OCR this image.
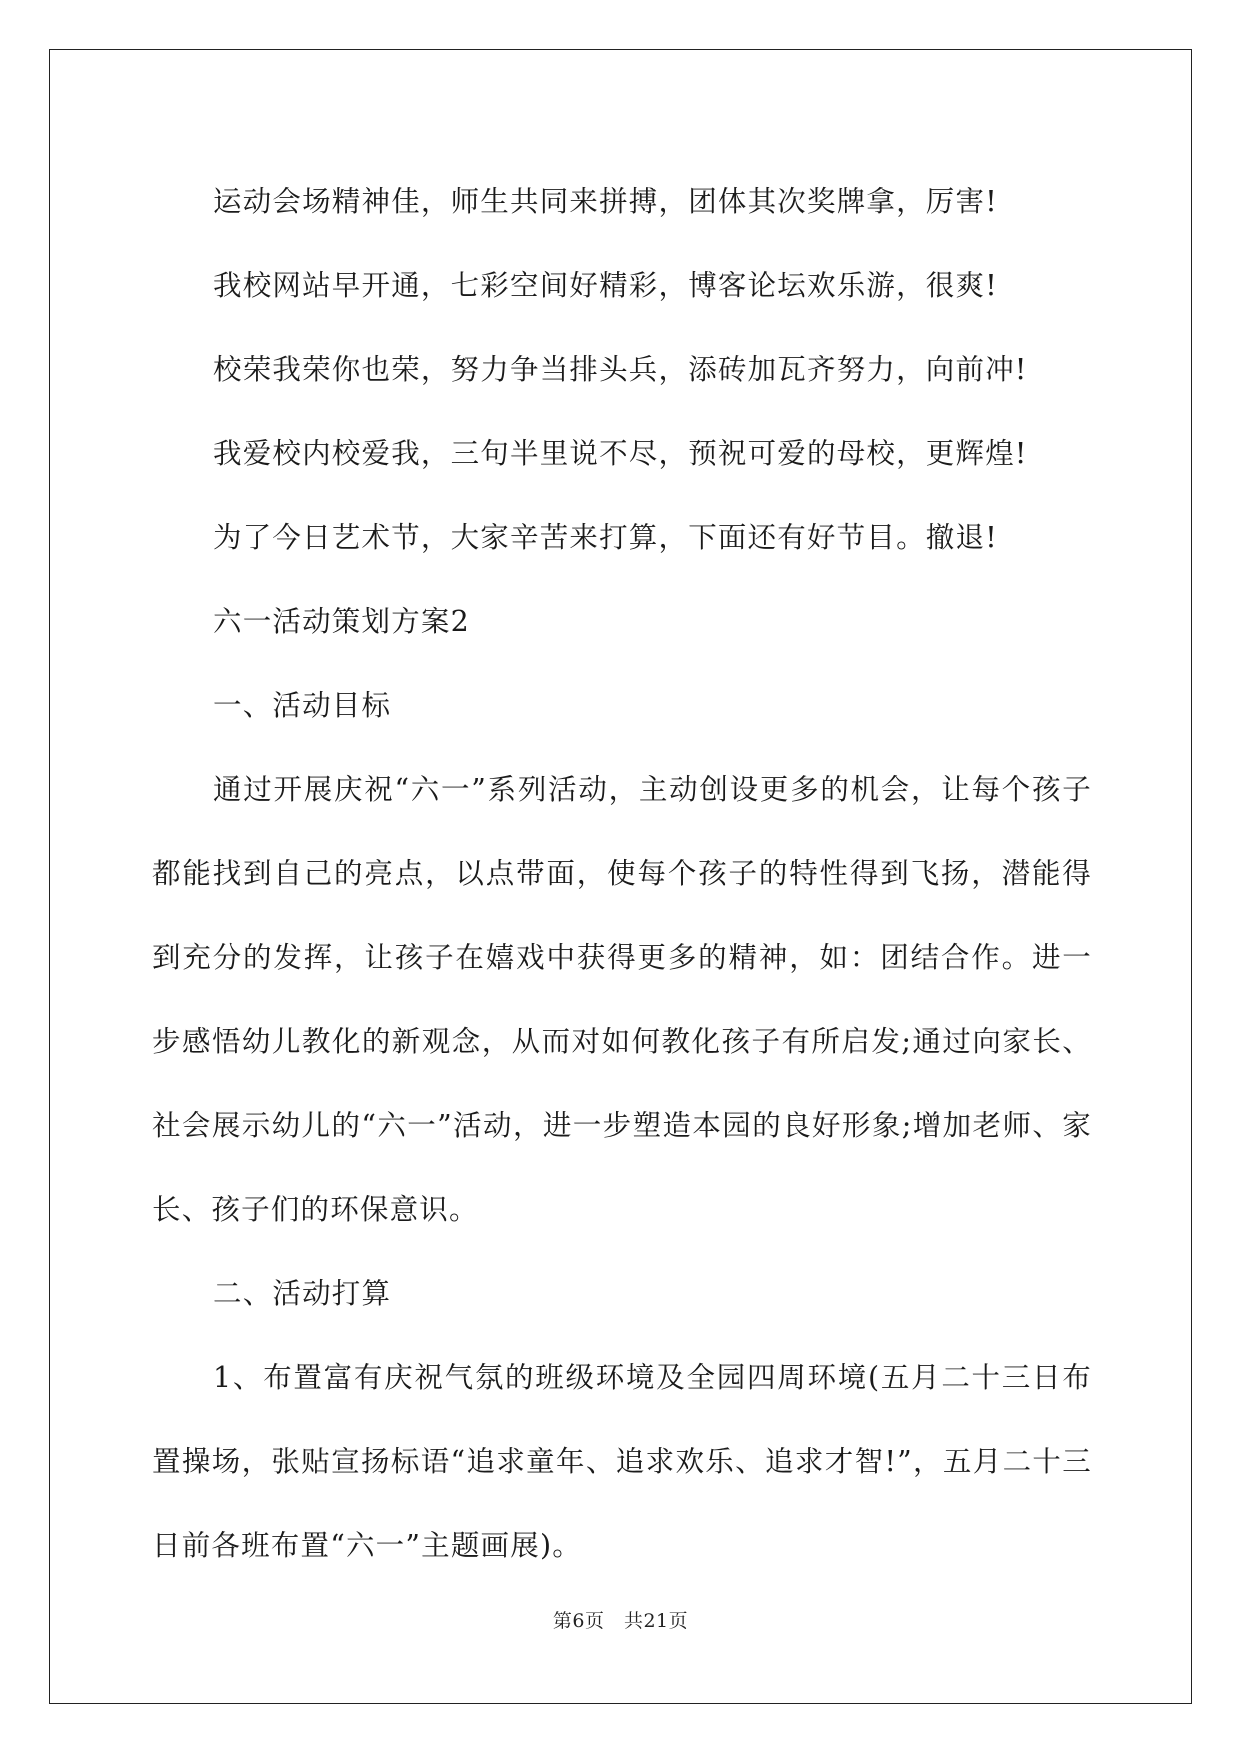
运动会场精神佳，师生共同来拼搏，团体其次奖牌拿，厉害!
我校网站早开通，七彩空间好精彩，博客论坛欢乐游，很爽!
校荣我荣你也荣，努力争当排头兵，添砖加瓦齐努力，向前冲!
我爱校内校爱我，三句半里说不尽，预祝可爱的母校，更辉煌!
为了今日艺术节，大家辛苦来打算，下面还有好节目。撤退!
六一活动策划方案2
一、活动目标

通过开展庆祝“六一”系列活动，主动创设更多的机会，让每个孩子都能找到自己的亮点，以点带面，使每个孩子的特性得到飞扬，潜能得到充分的发挥，让孩子在嬉戏中获得更多的精神，如：团结合作。进一步感悟幼儿教化的新观念，从而对如何教化孩子有所启发;通过向家长、社会展示幼儿的“六一”活动，进一步塑造本园的良好形象;增加老师、家长、孩子们的环保意识。

二、活动打算

1、布置富有庆祝气氛的班级环境及全园四周环境(五月二十三日布置操场，张贴宣扬标语“追求童年、追求欢乐、追求才智!”，五月二十三日前各班布置“六一”主题画展)。

第6页　共21页
